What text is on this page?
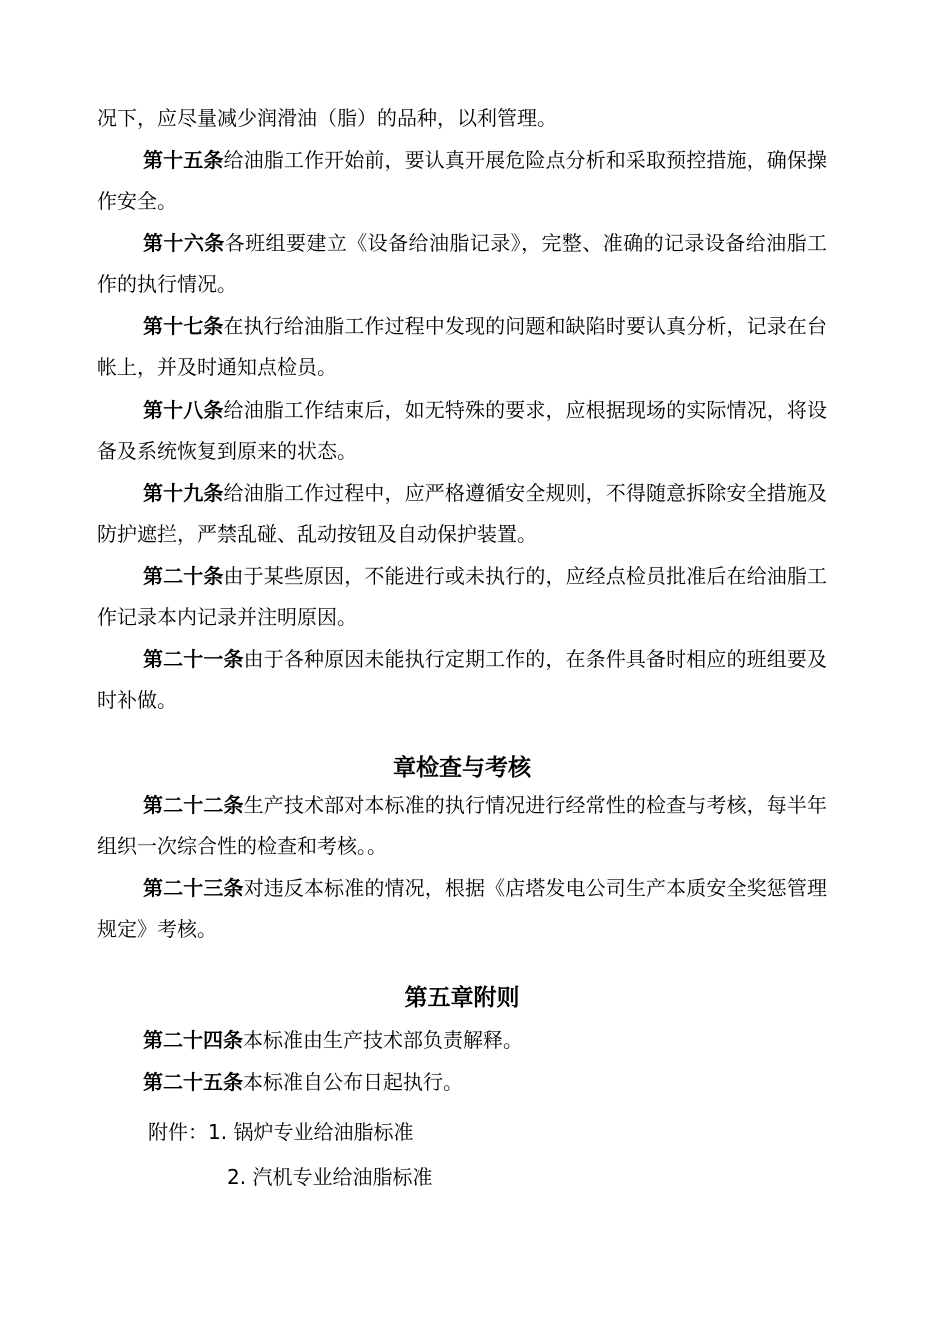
况下，应尽量减少润滑油（脂）的品种，以利管理。

第十五条给油脂工作开始前，要认真开展危险点分析和采取预控措施，确保操作安全。

第十六条各班组要建立《设备给油脂记录》，完整、准确的记录设备给油脂工作的执行情况。

第十七条在执行给油脂工作过程中发现的问题和缺陷时要认真分析，记录在台帐上，并及时通知点检员。

第十八条给油脂工作结束后，如无特殊的要求，应根据现场的实际情况，将设备及系统恢复到原来的状态。

第十九条给油脂工作过程中，应严格遵循安全规则，不得随意拆除安全措施及防护遮拦，严禁乱碰、乱动按钮及自动保护装置。

第二十条由于某些原因，不能进行或未执行的，应经点检员批准后在给油脂工作记录本内记录并注明原因。

第二十一条由于各种原因未能执行定期工作的，在条件具备时相应的班组要及时补做。

章检查与考核

第二十二条生产技术部对本标准的执行情况进行经常性的检查与考核，每半年组织一次综合性的检查和考核。。

第二十三条对违反本标准的情况，根据《店塔发电公司生产本质安全奖惩管理规定》考核。

第五章附则

第二十四条本标准由生产技术部负责解释。

第二十五条本标准自公布日起执行。

附件：1. 锅炉专业给油脂标准

2. 汽机专业给油脂标准
